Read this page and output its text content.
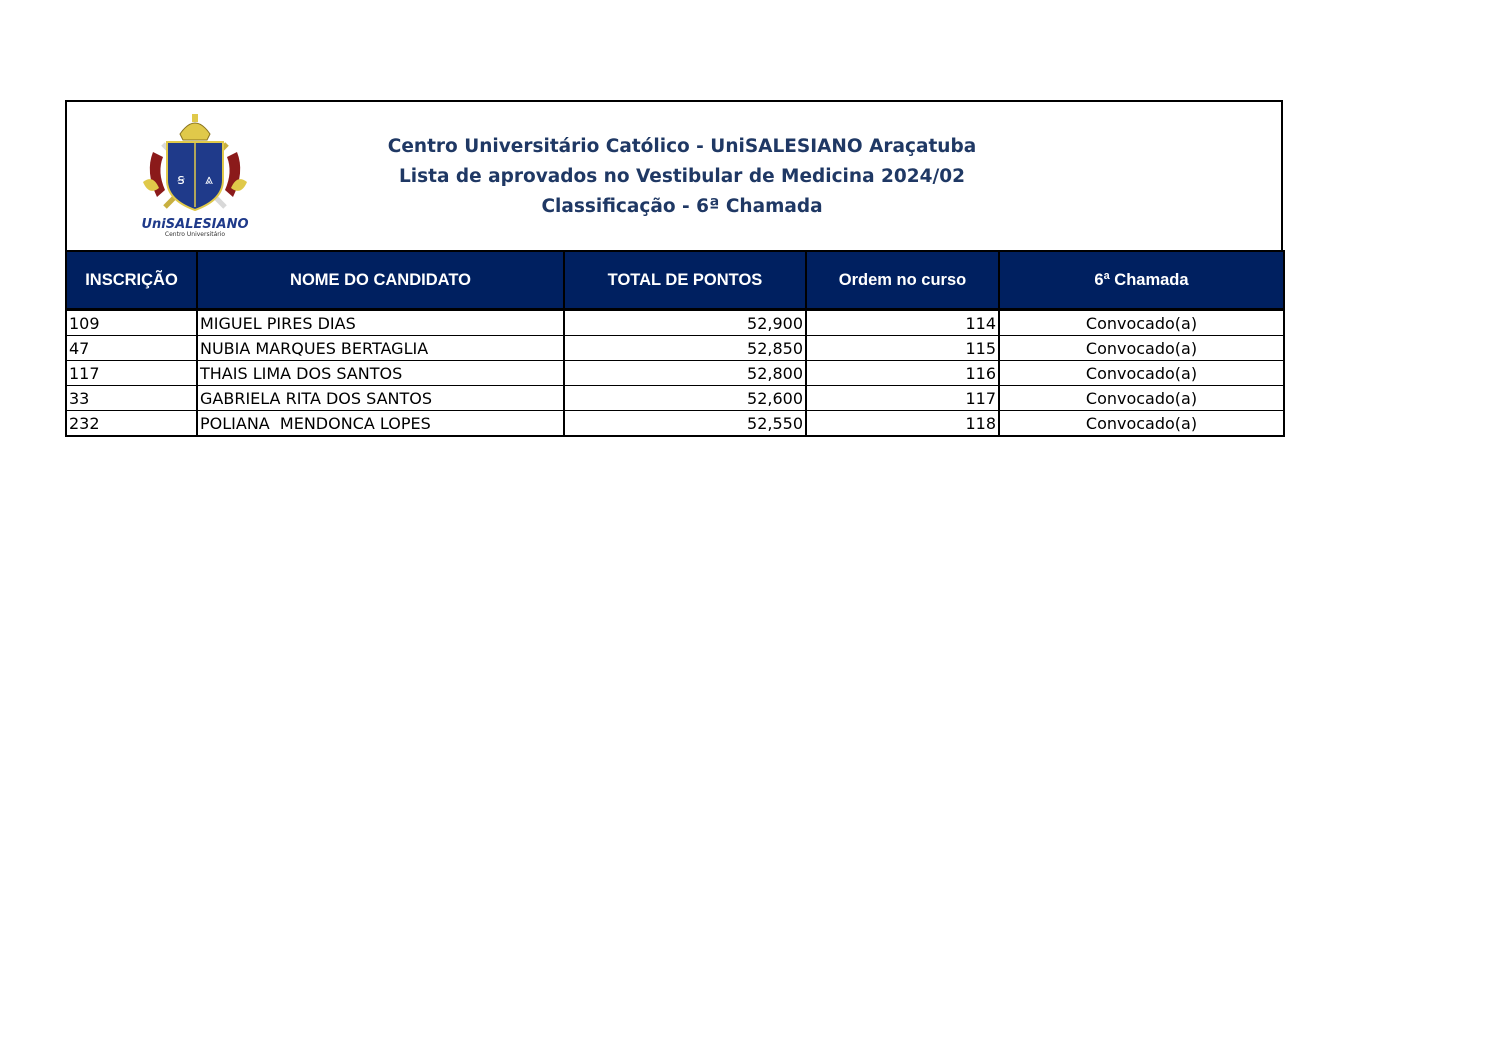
ꞩ ⩓
UniSALESIANO
Centro Universitário
Centro Universitário Católico - UniSALESIANO Araçatuba
Lista de aprovados no Vestibular de Medicina 2024/02
Classificação - 6ª Chamada
INSCRIÇÃO	NOME DO CANDIDATO	TOTAL DE PONTOS	Ordem no curso	6ª Chamada

109	MIGUEL PIRES DIAS	52,900	114	Convocado(a)
47	NUBIA MARQUES BERTAGLIA	52,850	115	Convocado(a)
117	THAIS LIMA DOS SANTOS	52,800	116	Convocado(a)
33	GABRIELA RITA DOS SANTOS	52,600	117	Convocado(a)
232	POLIANA  MENDONCA LOPES	52,550	118	Convocado(a)
